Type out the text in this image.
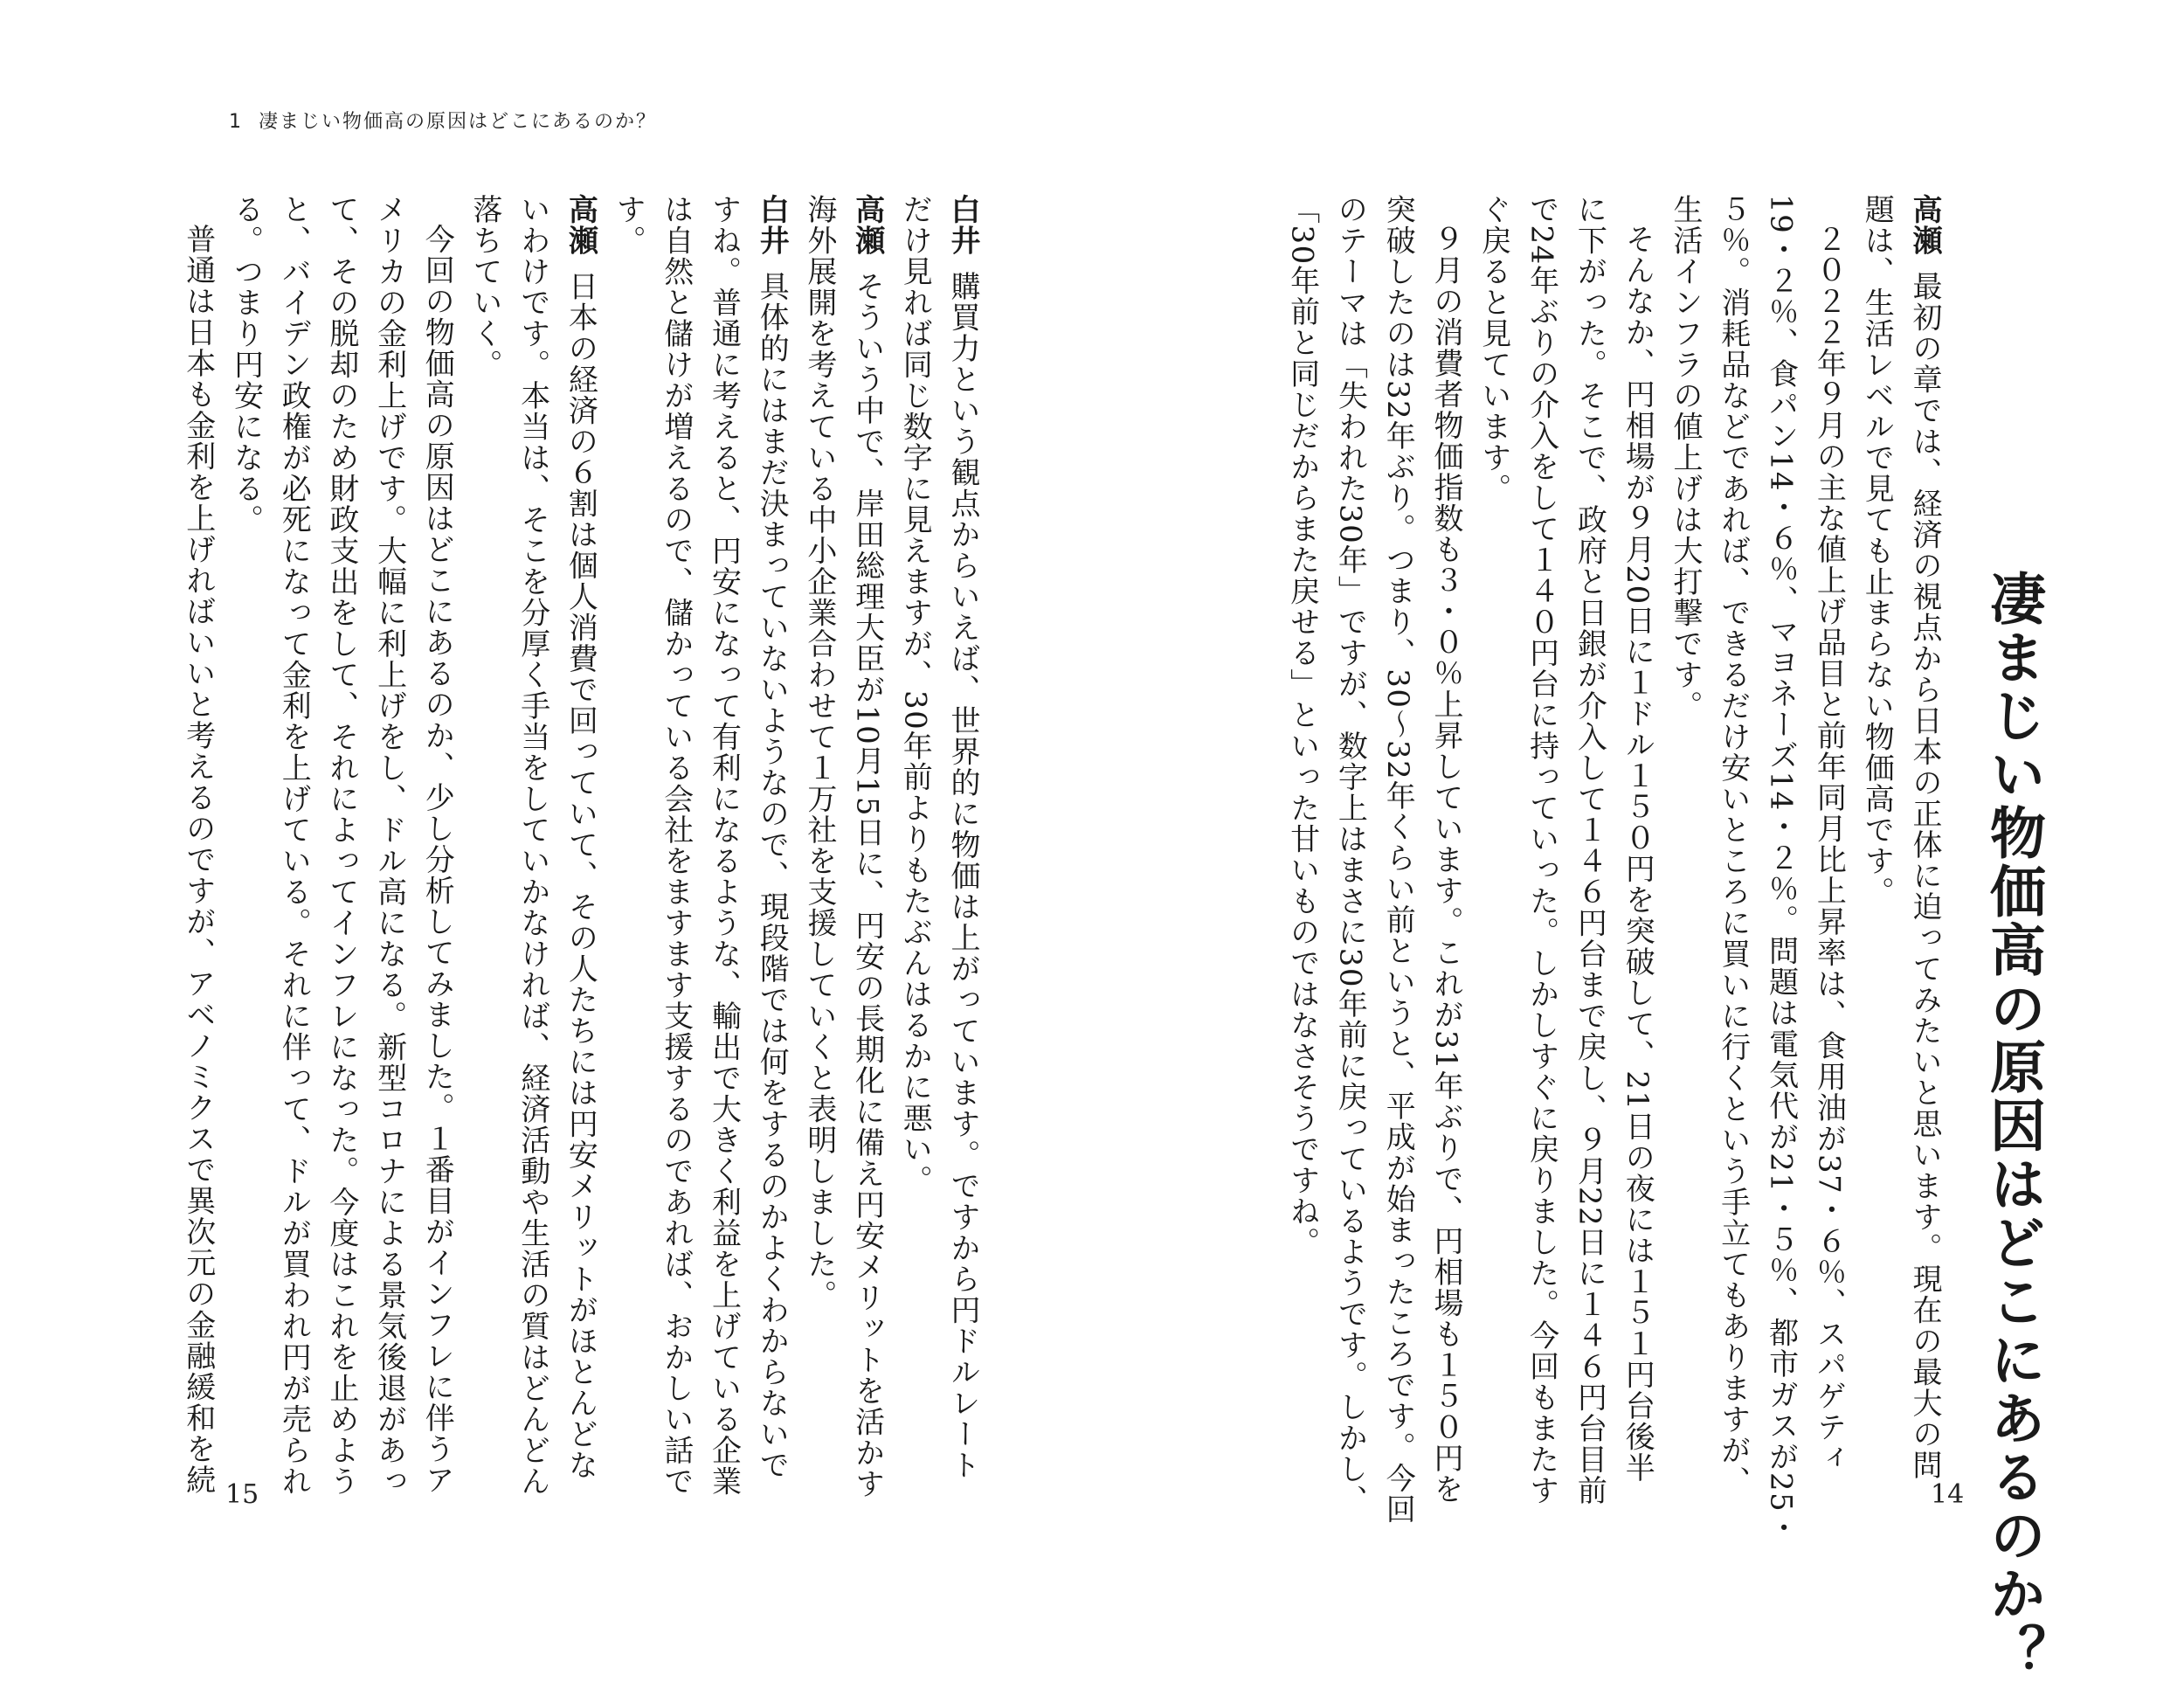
1 凄まじい物価高の原因はどこにあるのか？
凄まじい物価高の原因はどこにあるのか？
高瀬最初の章では、経済の視点から日本の正体に迫ってみたいと思います。現在の最大の問
題は、生活レベルで見ても止まらない物価高です。
２０２２年９月の主な値上げ品目と前年同月比上昇率は、食用油が37・６％、スパゲティ
19・２％、食パン14・６％、マヨネーズ14・２％。問題は電気代が21・５％、都市ガスが25・
５％。消耗品などであれば、できるだけ安いところに買いに行くという手立てもありますが、
生活インフラの値上げは大打撃です。
そんなか、円相場が９月20日に１ドル１５０円を突破して、21日の夜には１５１円台後半
に下がった。そこで、政府と日銀が介入して１４６円台まで戻し、９月22日に１４６円台目前
で24年ぶりの介入をして１４０円台に持っていった。しかしすぐに戻りました。今回もまたす
ぐ戻ると見ています。
９月の消費者物価指数も３・０％上昇しています。これが31年ぶりで、円相場も１５０円を
突破したのは32年ぶり。つまり、30〜32年くらい前というと、平成が始まったころです。今回
のテーマは「失われた30年」ですが、数字上はまさに30年前に戻っているようです。しかし、
「30年前と同じだからまた戻せる」といった甘いものではなさそうですね。
白井購買力という観点からいえば、世界的に物価は上がっています。ですから円ドルレート
だけ見れば同じ数字に見えますが、30年前よりもたぶんはるかに悪い。
高瀬そういう中で、岸田総理大臣が10月15日に、円安の長期化に備え円安メリットを活かす
海外展開を考えている中小企業合わせて１万社を支援していくと表明しました。
白井具体的にはまだ決まっていないようなので、現段階では何をするのかよくわからないで
すね。普通に考えると、円安になって有利になるような、輸出で大きく利益を上げている企業
は自然と儲けが増えるので、儲かっている会社をますます支援するのであれば、おかしい話で
す。
高瀬日本の経済の６割は個人消費で回っていて、その人たちには円安メリットがほとんどな
いわけです。本当は、そこを分厚く手当をしていかなければ、経済活動や生活の質はどんどん
落ちていく。
今回の物価高の原因はどこにあるのか、少し分析してみました。１番目がインフレに伴うア
メリカの金利上げです。大幅に利上げをし、ドル高になる。新型コロナによる景気後退があっ
て、その脱却のため財政支出をして、それによってインフレになった。今度はこれを止めよう
と、バイデン政権が必死になって金利を上げている。それに伴って、ドルが買われ円が売られ
る。つまり円安になる。
普通は日本も金利を上げればいいと考えるのですが、アベノミクスで異次元の金融緩和を続 15	14
